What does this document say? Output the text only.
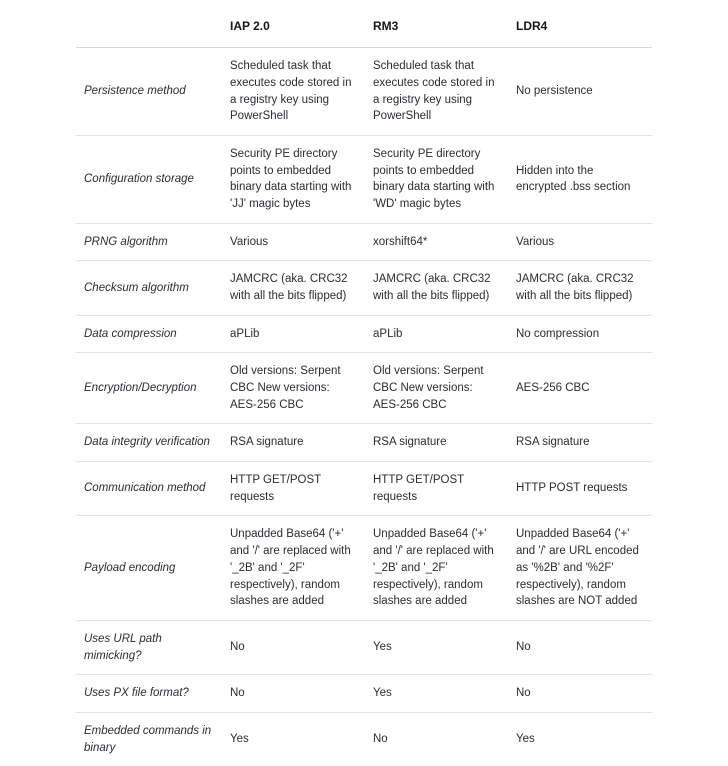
	IAP 2.0	RM3	LDR4
Persistence method	Scheduled task that executes code stored in a registry key using PowerShell	Scheduled task that executes code stored in a registry key using PowerShell	No persistence
Configuration storage	Security PE directory points to embedded binary data starting with 'JJ' magic bytes	Security PE directory points to embedded binary data starting with 'WD' magic bytes	Hidden into the encrypted .bss section
PRNG algorithm	Various	xorshift64*	Various
Checksum algorithm	JAMCRC (aka. CRC32 with all the bits flipped)	JAMCRC (aka. CRC32 with all the bits flipped)	JAMCRC (aka. CRC32 with all the bits flipped)
Data compression	aPLib	aPLib	No compression
Encryption/Decryption	Old versions: Serpent CBC New versions: AES-256 CBC	Old versions: Serpent CBC New versions: AES-256 CBC	AES-256 CBC
Data integrity verification	RSA signature	RSA signature	RSA signature
Communication method	HTTP GET/POST requests	HTTP GET/POST requests	HTTP POST requests
Payload encoding	Unpadded Base64 ('+' and '/' are replaced with '_2B' and '_2F' respectively), random slashes are added	Unpadded Base64 ('+' and '/' are replaced with '_2B' and '_2F' respectively), random slashes are added	Unpadded Base64 ('+' and '/' are URL encoded as '%2B' and '%2F' respectively), random slashes are NOT added
Uses URL path mimicking?	No	Yes	No
Uses PX file format?	No	Yes	No
Embedded commands in binary	Yes	No	Yes
